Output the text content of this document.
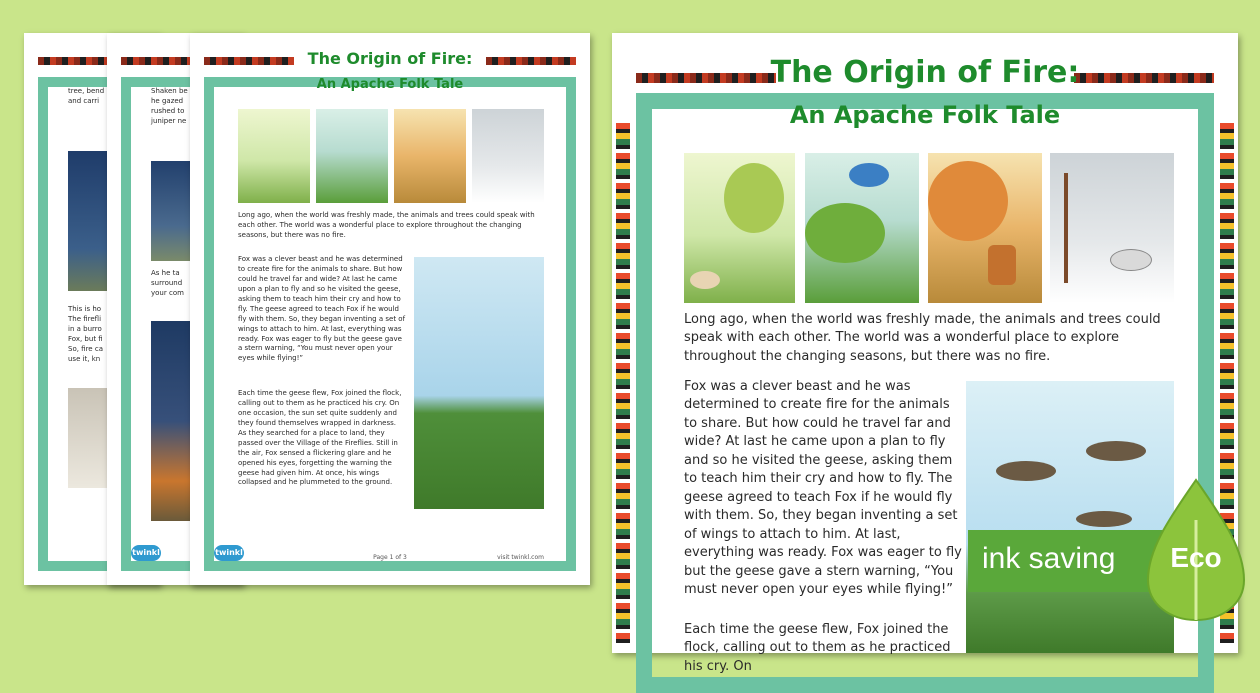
tree, bend
and carri
This is ho
The firefli
in a burro
Fox, but fi
So, fire ca
use it, kn
Shaken be
he gazed
rushed to
juniper ne
As he ta
surround
your com
twinkl
The Origin of Fire:
An Apache Folk Tale
Long ago, when the world was freshly made, the animals and trees could speak with each other. The world was a wonderful place to explore throughout the changing seasons, but there was no fire.
Fox was a clever beast and he was determined to create fire for the animals to share. But how could he travel far and wide? At last he came upon a plan to fly and so he visited the geese, asking them to teach him their cry and how to fly. The geese agreed to teach Fox if he would fly with them. So, they began inventing a set of wings to attach to him. At last, everything was ready. Fox was eager to fly but the geese gave a stern warning, “You must never open your eyes while flying!”
Each time the geese flew, Fox joined the flock, calling out to them as he practiced his cry. On one occasion, the sun set quite suddenly and they found themselves wrapped in darkness. As they searched for a place to land, they passed over the Village of the Fireflies. Still in the air, Fox sensed a flickering glare and he opened his eyes, forgetting the warning the geese had given him. At once, his wings collapsed and he plummeted to the ground.
Page 1 of 3	visit twinkl.com
twinkl
The Origin of Fire:
An Apache Folk Tale
Long ago, when the world was freshly made, the animals and trees could speak with each other. The world was a wonderful place to explore throughout the changing seasons, but there was no fire.
Fox was a clever beast and he was determined to create fire for the animals to share. But how could he travel far and wide? At last he came upon a plan to fly and so he visited the geese, asking them to teach him their cry and how to fly. The geese agreed to teach Fox if he would fly with them. So, they began inventing a set of wings to attach to him. At last, everything was ready. Fox was eager to fly but the geese gave a stern warning, “You must never open your eyes while flying!”
Each time the geese flew, Fox joined the flock, calling out to them as he practiced his cry. On
ink saving Eco
